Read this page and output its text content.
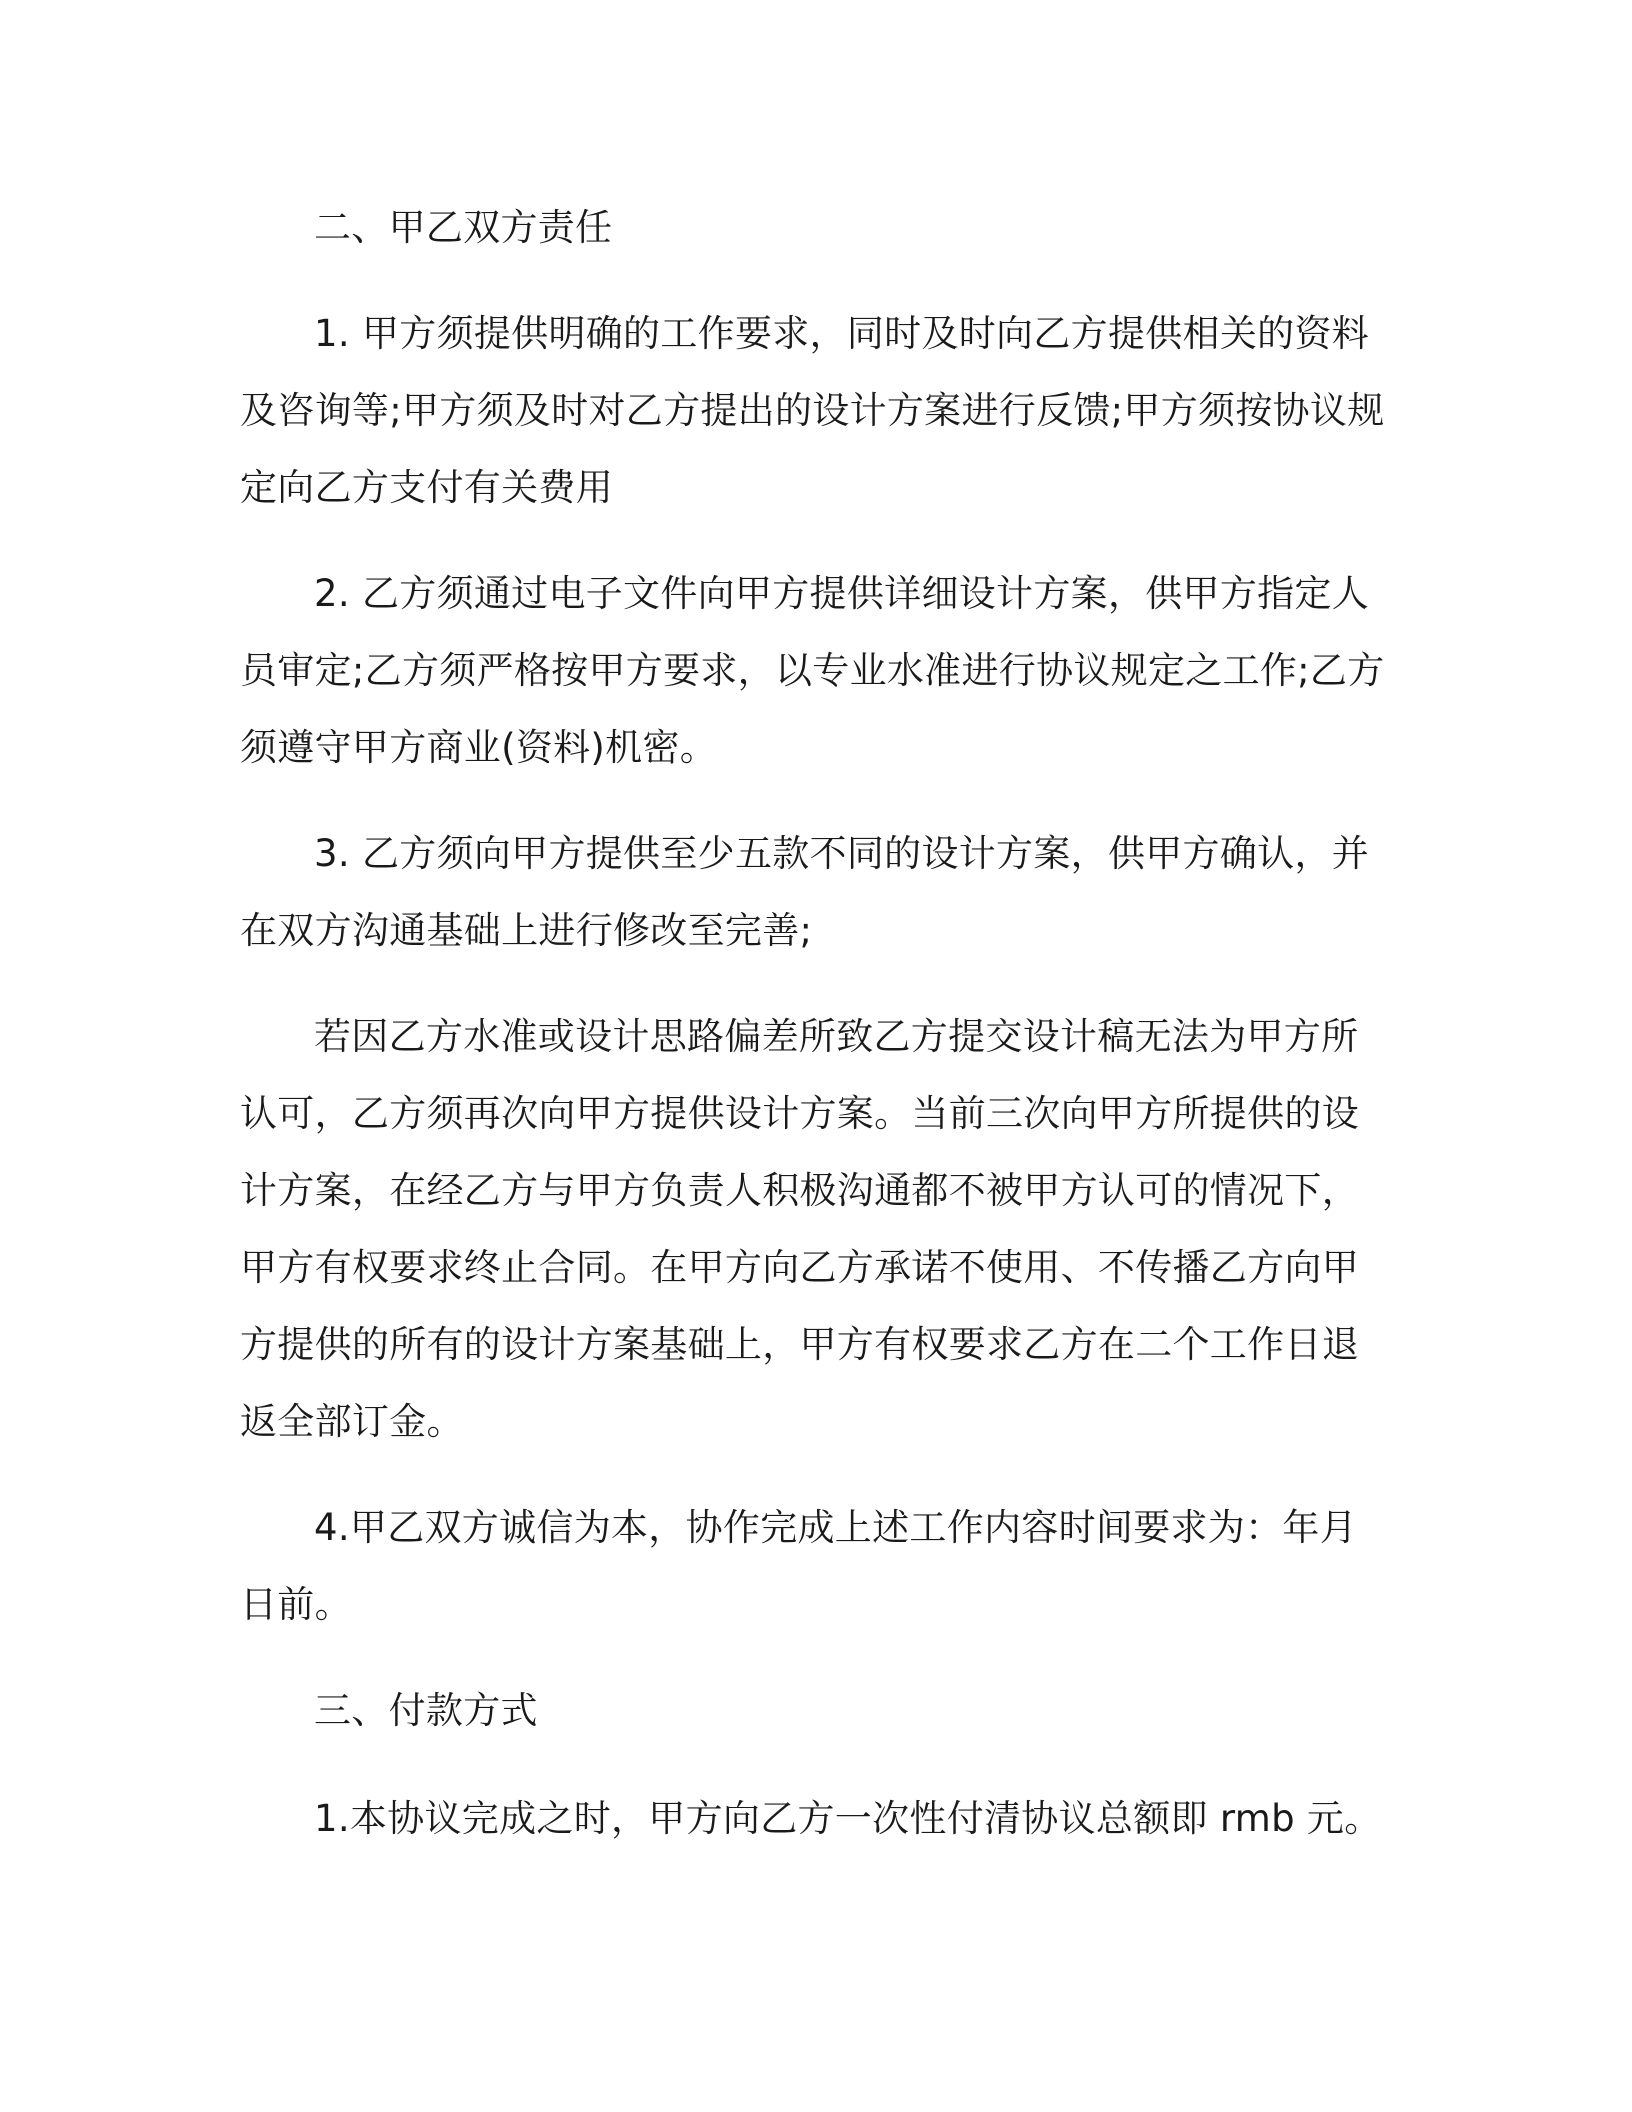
二、甲乙双方责任

1. 甲方须提供明确的工作要求，同时及时向乙方提供相关的资料及咨询等;甲方须及时对乙方提出的设计方案进行反馈;甲方须按协议规定向乙方支付有关费用

2. 乙方须通过电子文件向甲方提供详细设计方案，供甲方指定人员审定;乙方须严格按甲方要求，以专业水准进行协议规定之工作;乙方须遵守甲方商业(资料)机密。

3. 乙方须向甲方提供至少五款不同的设计方案，供甲方确认，并在双方沟通基础上进行修改至完善;

若因乙方水准或设计思路偏差所致乙方提交设计稿无法为甲方所认可，乙方须再次向甲方提供设计方案。当前三次向甲方所提供的设计方案，在经乙方与甲方负责人积极沟通都不被甲方认可的情况下，甲方有权要求终止合同。在甲方向乙方承诺不使用、不传播乙方向甲方提供的所有的设计方案基础上，甲方有权要求乙方在二个工作日退返全部订金。

4.甲乙双方诚信为本，协作完成上述工作内容时间要求为：年月日前。

三、付款方式

1.本协议完成之时，甲方向乙方一次性付清协议总额即 rmb 元。
